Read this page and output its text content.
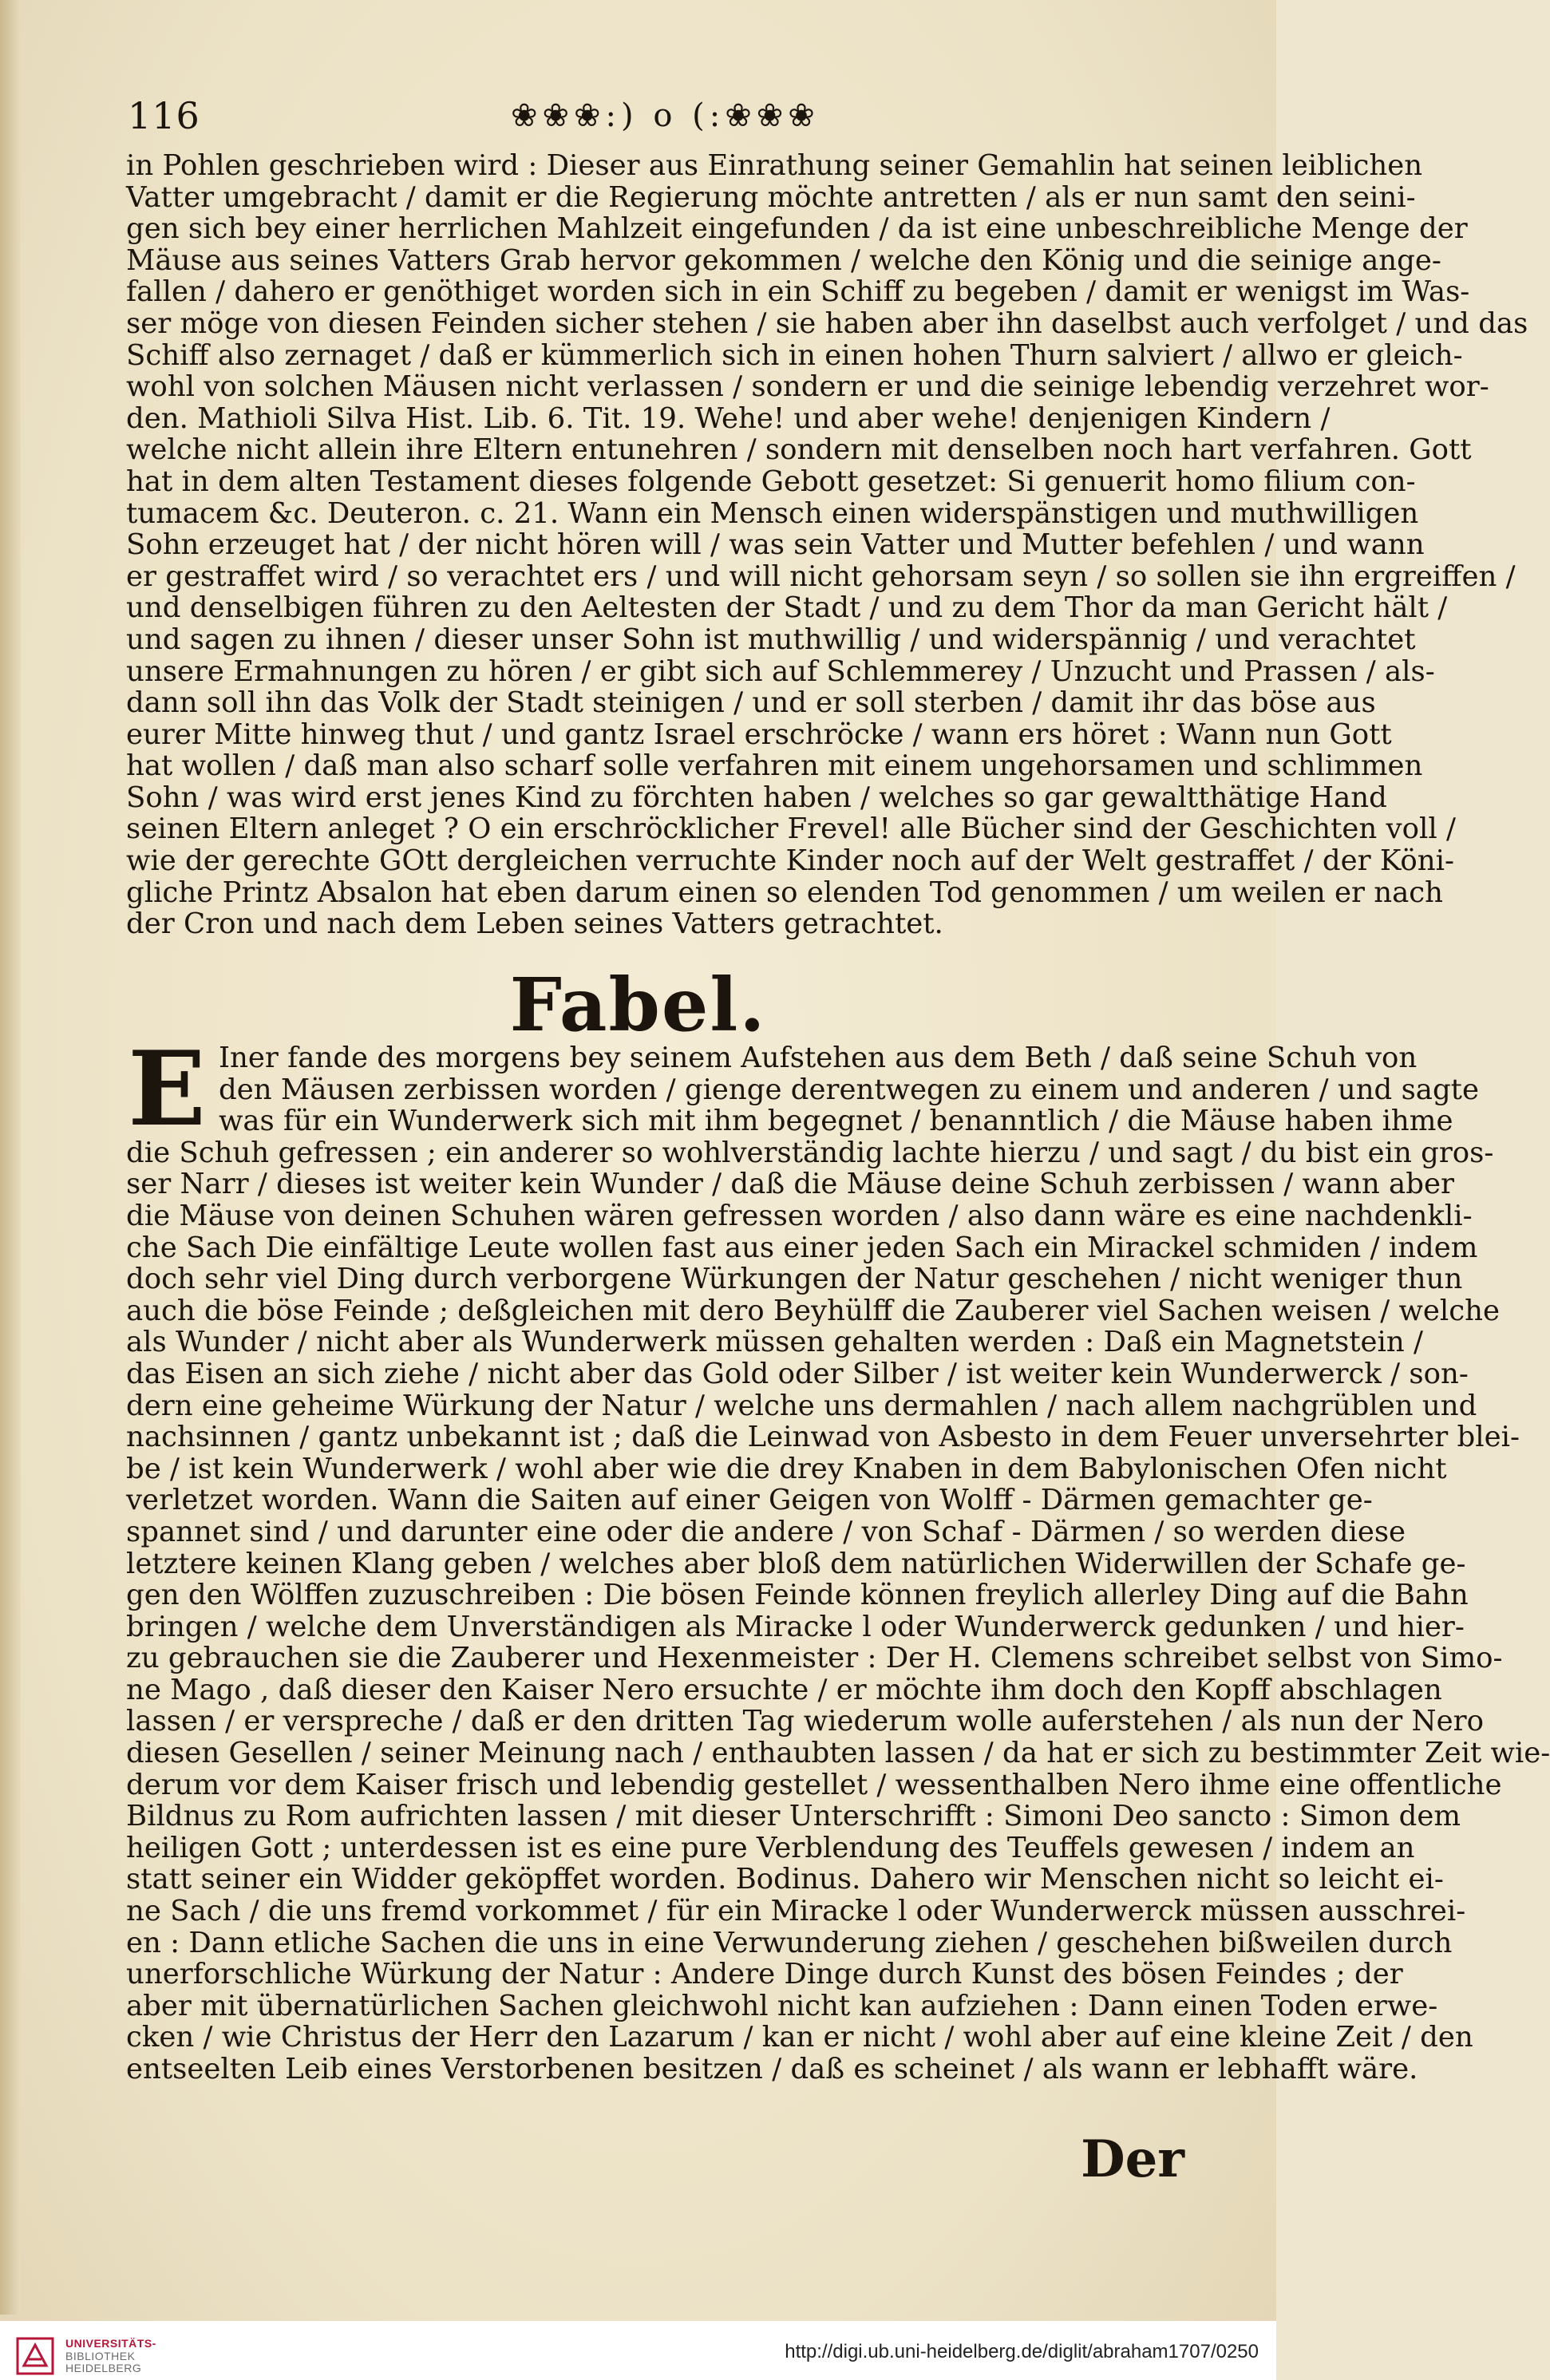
116	❀❀❀:) o (:❀❀❀
in Pohlen geschrieben wird : Dieser aus Einrathung seiner Gemahlin hat seinen leiblichen
Vatter umgebracht / damit er die Regierung möchte antretten / als er nun samt den seini-
gen sich bey einer herrlichen Mahlzeit eingefunden / da ist eine unbeschreibliche Menge der
Mäuse aus seines Vatters Grab hervor gekommen / welche den König und die seinige ange-
fallen / dahero er genöthiget worden sich in ein Schiff zu begeben / damit er wenigst im Was-
ser möge von diesen Feinden sicher stehen / sie haben aber ihn daselbst auch verfolget / und das
Schiff also zernaget / daß er kümmerlich sich in einen hohen Thurn salviert / allwo er gleich-
wohl von solchen Mäusen nicht verlassen / sondern er und die seinige lebendig verzehret wor-
den. Mathioli Silva Hist. Lib. 6. Tit. 19. Wehe! und aber wehe! denjenigen Kindern /
welche nicht allein ihre Eltern entunehren / sondern mit denselben noch hart verfahren. Gott
hat in dem alten Testament dieses folgende Gebott gesetzet: Si genuerit homo filium con-
tumacem &c. Deuteron. c. 21. Wann ein Mensch einen widerspänstigen und muthwilligen
Sohn erzeuget hat / der nicht hören will / was sein Vatter und Mutter befehlen / und wann
er gestraffet wird / so verachtet ers / und will nicht gehorsam seyn / so sollen sie ihn ergreiffen /
und denselbigen führen zu den Aeltesten der Stadt / und zu dem Thor da man Gericht hält /
und sagen zu ihnen / dieser unser Sohn ist muthwillig / und widerspännig / und verachtet
unsere Ermahnungen zu hören / er gibt sich auf Schlemmerey / Unzucht und Prassen / als-
dann soll ihn das Volk der Stadt steinigen / und er soll sterben / damit ihr das böse aus
eurer Mitte hinweg thut / und gantz Israel erschröcke / wann ers höret : Wann nun Gott
hat wollen / daß man also scharf solle verfahren mit einem ungehorsamen und schlimmen
Sohn / was wird erst jenes Kind zu förchten haben / welches so gar gewaltthätige Hand
seinen Eltern anleget ? O ein erschröcklicher Frevel! alle Bücher sind der Geschichten voll /
wie der gerechte GOtt dergleichen verruchte Kinder noch auf der Welt gestraffet / der Köni-
gliche Printz Absalon hat eben darum einen so elenden Tod genommen / um weilen er nach
der Cron und nach dem Leben seines Vatters getrachtet.
Fabel.
E Iner fande des morgens bey seinem Aufstehen aus dem Beth / daß seine Schuh von
den Mäusen zerbissen worden / gienge derentwegen zu einem und anderen / und sagte
was für ein Wunderwerk sich mit ihm begegnet / benanntlich / die Mäuse haben ihme
die Schuh gefressen ; ein anderer so wohlverständig lachte hierzu / und sagt / du bist ein gros-
ser Narr / dieses ist weiter kein Wunder / daß die Mäuse deine Schuh zerbissen / wann aber
die Mäuse von deinen Schuhen wären gefressen worden / also dann wäre es eine nachdenkli-
che Sach Die einfältige Leute wollen fast aus einer jeden Sach ein Mirackel schmiden / indem
doch sehr viel Ding durch verborgene Würkungen der Natur geschehen / nicht weniger thun
auch die böse Feinde ; deßgleichen mit dero Beyhülff die Zauberer viel Sachen weisen / welche
als Wunder / nicht aber als Wunderwerk müssen gehalten werden : Daß ein Magnetstein /
das Eisen an sich ziehe / nicht aber das Gold oder Silber / ist weiter kein Wunderwerck / son-
dern eine geheime Würkung der Natur / welche uns dermahlen / nach allem nachgrüblen und
nachsinnen / gantz unbekannt ist ; daß die Leinwad von Asbesto in dem Feuer unversehrter blei-
be / ist kein Wunderwerk / wohl aber wie die drey Knaben in dem Babylonischen Ofen nicht
verletzet worden. Wann die Saiten auf einer Geigen von Wolff - Därmen gemachter ge-
spannet sind / und darunter eine oder die andere / von Schaf - Därmen / so werden diese
letztere keinen Klang geben / welches aber bloß dem natürlichen Widerwillen der Schafe ge-
gen den Wölffen zuzuschreiben : Die bösen Feinde können freylich allerley Ding auf die Bahn
bringen / welche dem Unverständigen als Miracke l oder Wunderwerck gedunken / und hier-
zu gebrauchen sie die Zauberer und Hexenmeister : Der H. Clemens schreibet selbst von Simo-
ne Mago , daß dieser den Kaiser Nero ersuchte / er möchte ihm doch den Kopff abschlagen
lassen / er verspreche / daß er den dritten Tag wiederum wolle auferstehen / als nun der Nero
diesen Gesellen / seiner Meinung nach / enthaubten lassen / da hat er sich zu bestimmter Zeit wie-
derum vor dem Kaiser frisch und lebendig gestellet / wessenthalben Nero ihme eine offentliche
Bildnus zu Rom aufrichten lassen / mit dieser Unterschrifft : Simoni Deo sancto : Simon dem
heiligen Gott ; unterdessen ist es eine pure Verblendung des Teuffels gewesen / indem an
statt seiner ein Widder geköpffet worden. Bodinus. Dahero wir Menschen nicht so leicht ei-
ne Sach / die uns fremd vorkommet / für ein Miracke l oder Wunderwerck müssen ausschrei-
en : Dann etliche Sachen die uns in eine Verwunderung ziehen / geschehen bißweilen durch
unerforschliche Würkung der Natur : Andere Dinge durch Kunst des bösen Feindes ; der
aber mit übernatürlichen Sachen gleichwohl nicht kan aufziehen : Dann einen Toden erwe-
cken / wie Christus der Herr den Lazarum / kan er nicht / wohl aber auf eine kleine Zeit / den
entseelten Leib eines Verstorbenen besitzen / daß es scheinet / als wann er lebhafft wäre.
Der
UNIVERSITÄTS-
BIBLIOTHEK
HEIDELBERG
http://digi.ub.uni-heidelberg.de/diglit/abraham1707/0250
